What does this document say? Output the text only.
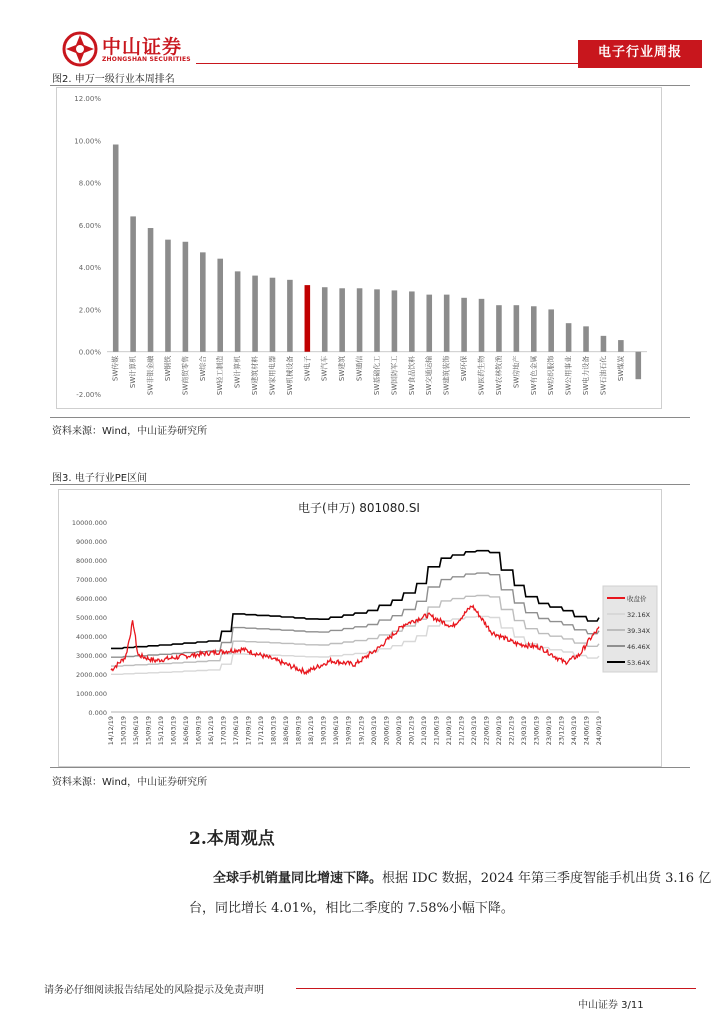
中山证券
ZHONGSHAN SECURITIES	电子行业周报
图2. 申万一级行业本周排名
12.00%
10.00%
8.00%
6.00%
4.00%
2.00%
0.00%
-2.00%
SW传媒 SW计算机 SW非银金融 SW钢铁 SW商贸零售 SW综合 SW轻工制造 SW计算机 SW建筑材料 SW家用电器 SW机械设备 SW电子 SW汽车 SW建筑 SW通信 SW基础化工 SW国防军工 SW食品饮料 SW交通运输 SW建筑装饰 SW环保 SW医药生物 SW农林牧渔 SW房地产 SW有色金属 SW纺织服饰 SW公用事业 SW电力设备 SW石油石化 SW煤炭
资料来源：Wind，中山证券研究所
图3. 电子行业PE区间
电子(申万) 801080.SI
10000.000
9000.000
8000.000
7000.000
6000.000
5000.000
4000.000
3000.000
2000.000
1000.000
0.000
14/12/19 15/03/19 15/06/19 15/09/19 15/12/19 16/03/19 16/06/19 16/09/19 16/12/19 17/03/19 17/06/19 17/09/19 17/12/19 18/03/19 18/06/19 18/09/19 18/12/19 19/03/19 19/06/19 19/09/19 19/12/19 20/03/19 20/06/19 20/09/19 20/12/19 21/03/19 21/06/19 21/09/19 21/12/19 22/03/19 22/06/19 22/09/19 22/12/19 23/03/19 23/06/19 23/09/19 23/12/19 24/03/19 24/06/19 24/09/19
收盘价
32.16X
39.34X
46.46X
53.64X
资料来源：Wind，中山证券研究所
2.本周观点
全球手机销量同比增速下降。根据 IDC 数据，2024 年第三季度智能手机出货 3.16 亿
台，同比增长 4.01%，相比二季度的 7.58%小幅下降。
请务必仔细阅读报告结尾处的风险提示及免责声明
中山证券 3/11
